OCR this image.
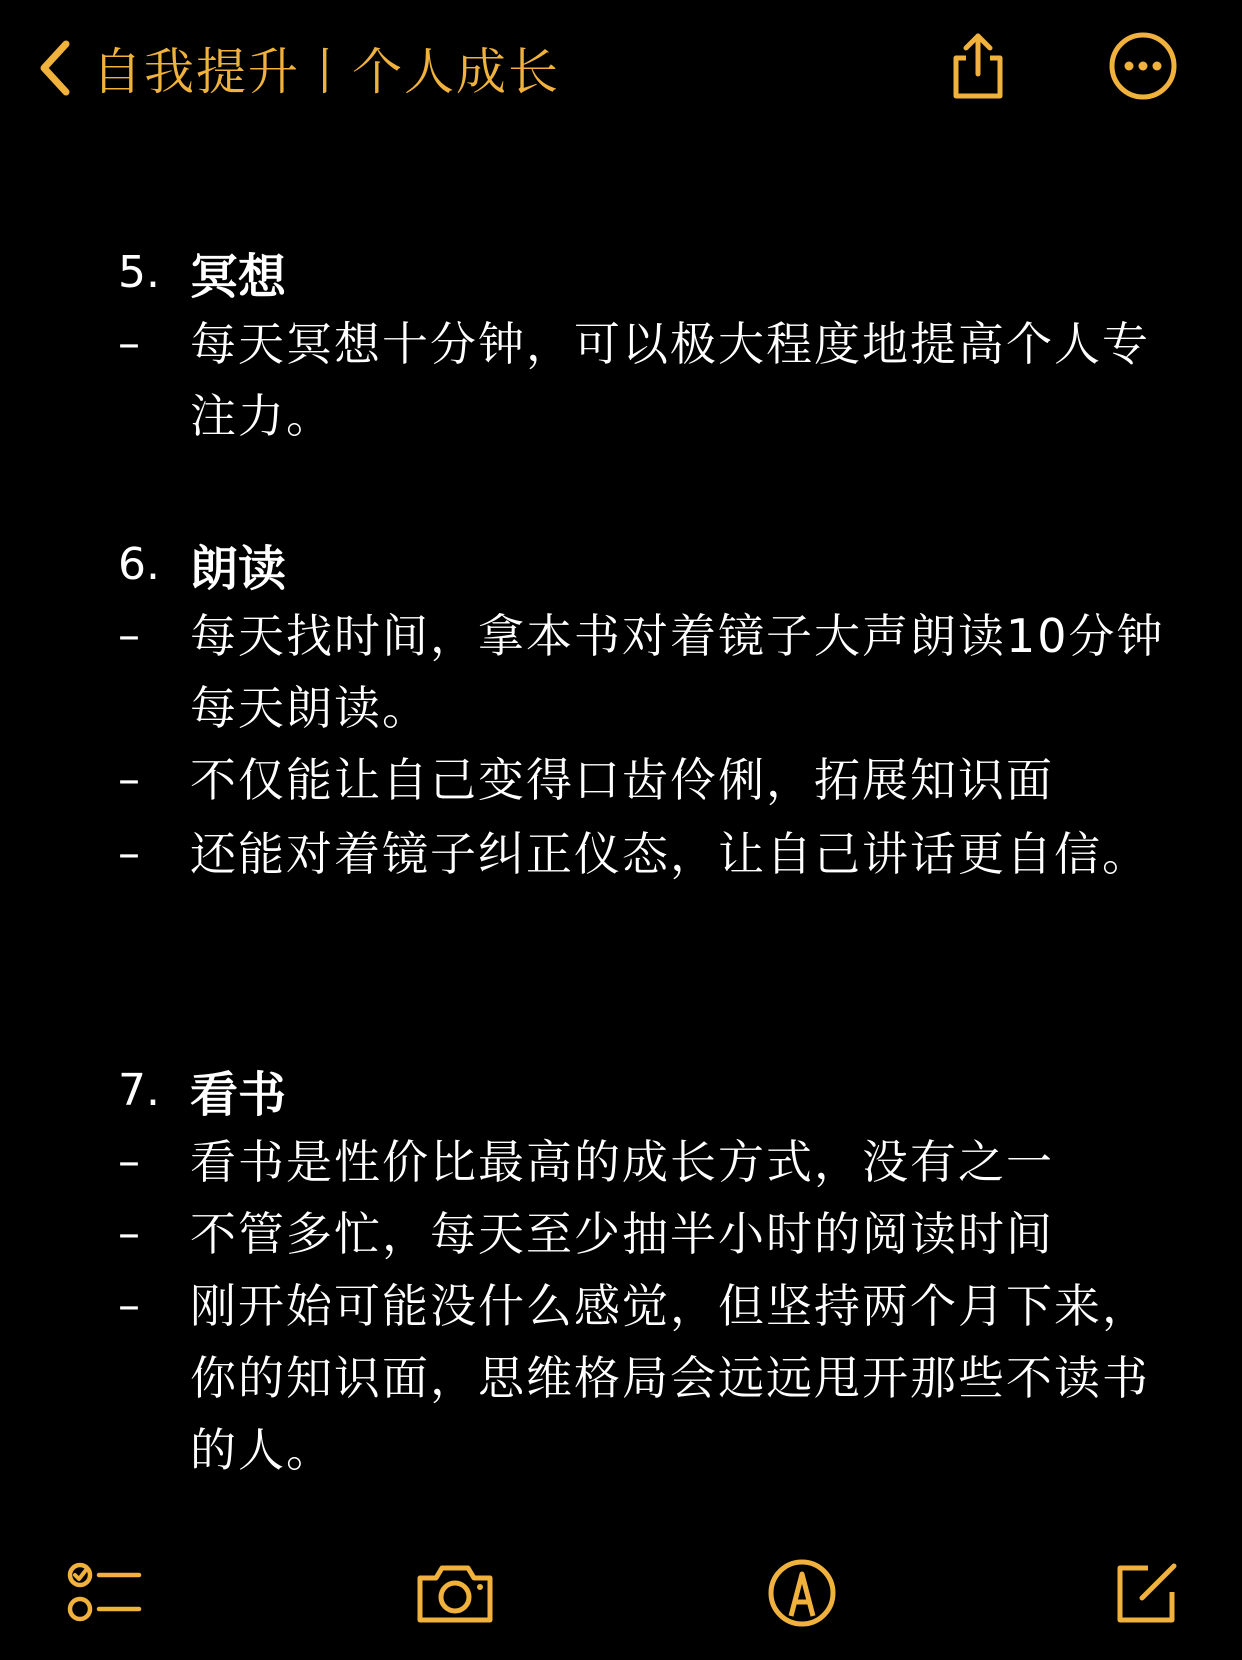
自我提升丨个人成长
5. 冥想
–	每天冥想十分钟，可以极大程度地提高个人专注力。
6. 朗读
–	每天找时间，拿本书对着镜子大声朗读10分钟每天朗读。
–	不仅能让自己变得口齿伶俐，拓展知识面
–	还能对着镜子纠正仪态，让自己讲话更自信。
7. 看书
–	看书是性价比最高的成长方式，没有之一
–	不管多忙，每天至少抽半小时的阅读时间
–	刚开始可能没什么感觉，但坚持两个月下来，你的知识面，思维格局会远远甩开那些不读书的人。
